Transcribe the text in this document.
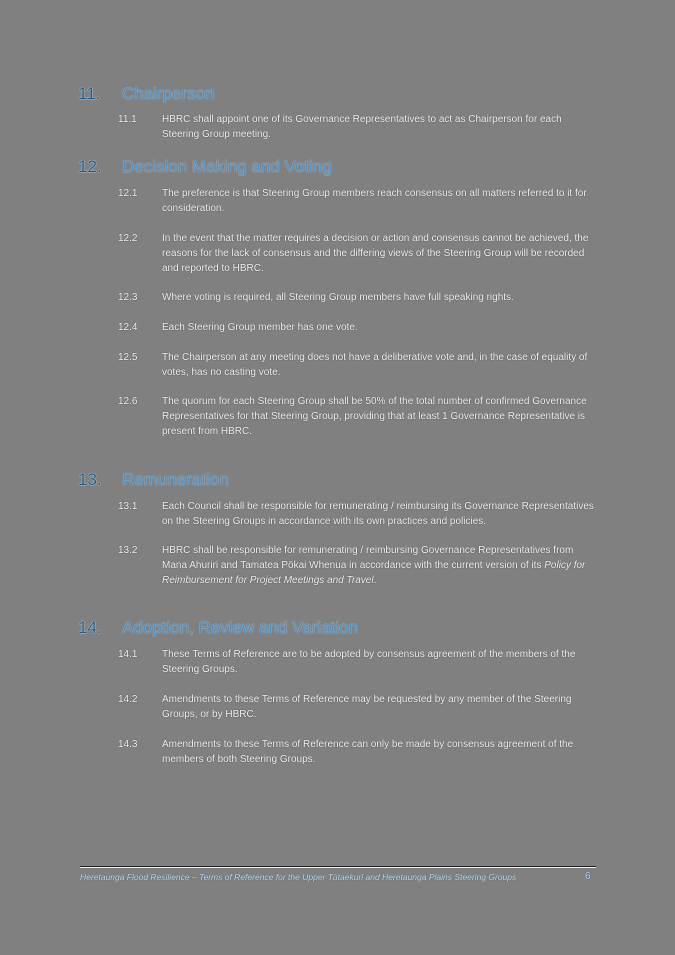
11.	Chairperson
11.1	HBRC shall appoint one of its Governance Representatives to act as Chairperson for each Steering Group meeting.
12.	Decision Making and Voting
12.1	The preference is that Steering Group members reach consensus on all matters referred to it for consideration.
12.2	In the event that the matter requires a decision or action and consensus cannot be achieved, the reasons for the lack of consensus and the differing views of the Steering Group will be recorded and reported to HBRC.
12.3	Where voting is required, all Steering Group members have full speaking rights.
12.4	Each Steering Group member has one vote.
12.5	The Chairperson at any meeting does not have a deliberative vote and, in the case of equality of votes, has no casting vote.
12.6	The quorum for each Steering Group shall be 50% of the total number of confirmed Governance Representatives for that Steering Group, providing that at least 1 Governance Representative is present from HBRC.
13.	Remuneration
13.1	Each Council shall be responsible for remunerating / reimbursing its Governance Representatives on the Steering Groups in accordance with its own practices and policies.
13.2	HBRC shall be responsible for remunerating / reimbursing Governance Representatives from Mana Ahuriri and Tamatea Pōkai Whenua in accordance with the current version of its Policy for Reimbursement for Project Meetings and Travel.
14.	Adoption, Review and Variation
14.1	These Terms of Reference are to be adopted by consensus agreement of the members of the Steering Groups.
14.2	Amendments to these Terms of Reference may be requested by any member of the Steering Groups, or by HBRC.
14.3	Amendments to these Terms of Reference can only be made by consensus agreement of the members of both Steering Groups.
Heretaunga Flood Resilience – Terms of Reference for the Upper Tūtaekurī and Heretaunga Plains Steering Groups	6
